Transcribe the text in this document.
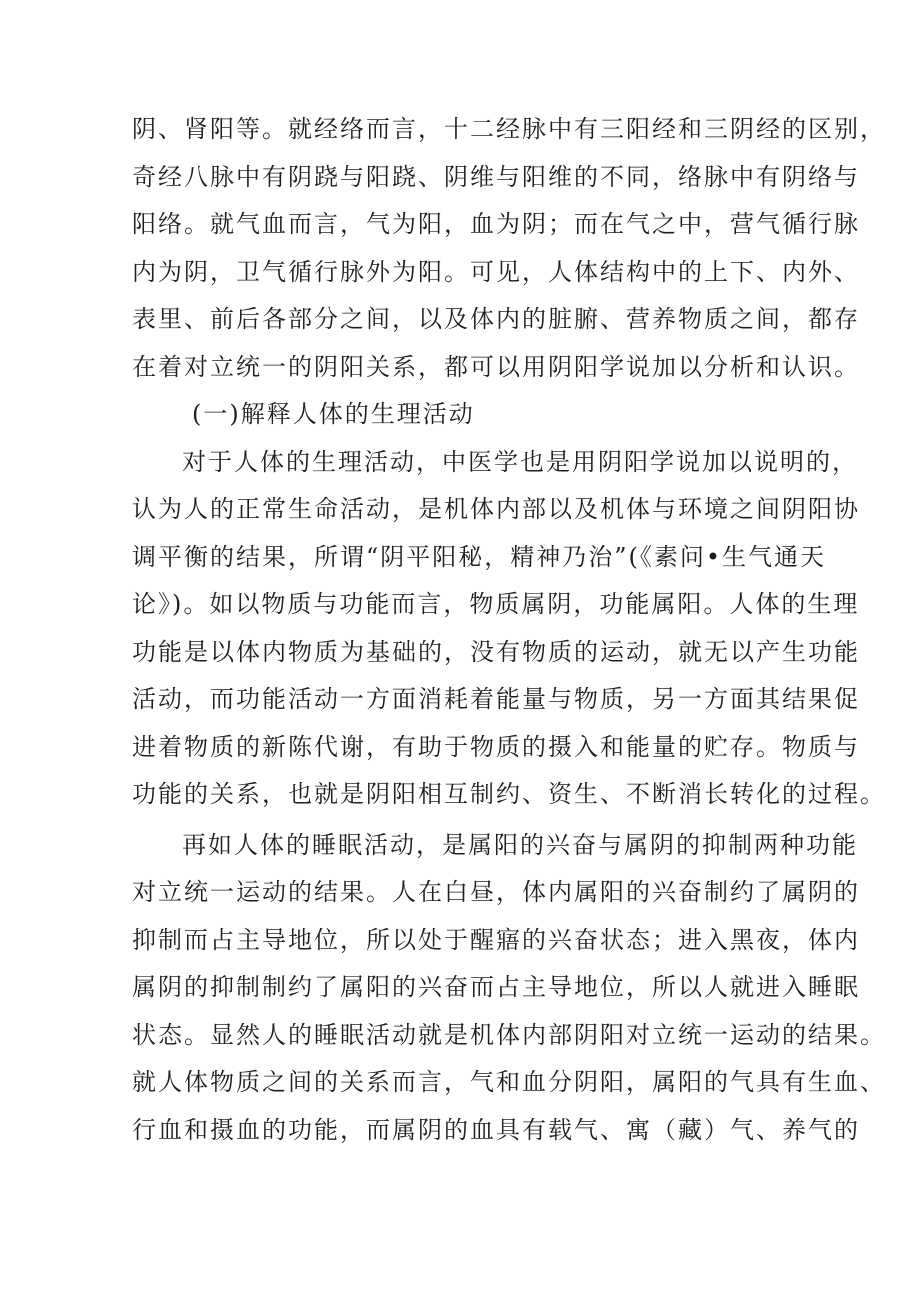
阴、肾阳等。就经络而言，十二经脉中有三阳经和三阴经的区别，
奇经八脉中有阴跷与阳跷、阴维与阳维的不同，络脉中有阴络与
阳络。就气血而言，气为阳，血为阴；而在气之中，营气循行脉
内为阴，卫气循行脉外为阳。可见，人体结构中的上下、内外、
表里、前后各部分之间，以及体内的脏腑、营养物质之间，都存
在着对立统一的阴阳关系，都可以用阴阳学说加以分析和认识。
(一)解释人体的生理活动
对于人体的生理活动，中医学也是用阴阳学说加以说明的，
认为人的正常生命活动，是机体内部以及机体与环境之间阴阳协
调平衡的结果，所谓“阴平阳秘，精神乃治”(《素问•生气通天
论》)。如以物质与功能而言，物质属阴，功能属阳。人体的生理
功能是以体内物质为基础的，没有物质的运动，就无以产生功能
活动，而功能活动一方面消耗着能量与物质，另一方面其结果促
进着物质的新陈代谢，有助于物质的摄入和能量的贮存。物质与
功能的关系，也就是阴阳相互制约、资生、不断消长转化的过程。
再如人体的睡眠活动，是属阳的兴奋与属阴的抑制两种功能
对立统一运动的结果。人在白昼，体内属阳的兴奋制约了属阴的
抑制而占主导地位，所以处于醒寤的兴奋状态；进入黑夜，体内
属阴的抑制制约了属阳的兴奋而占主导地位，所以人就进入睡眠
状态。显然人的睡眠活动就是机体内部阴阳对立统一运动的结果。
就人体物质之间的关系而言，气和血分阴阳，属阳的气具有生血、
行血和摄血的功能，而属阴的血具有载气、寓（藏）气、养气的
